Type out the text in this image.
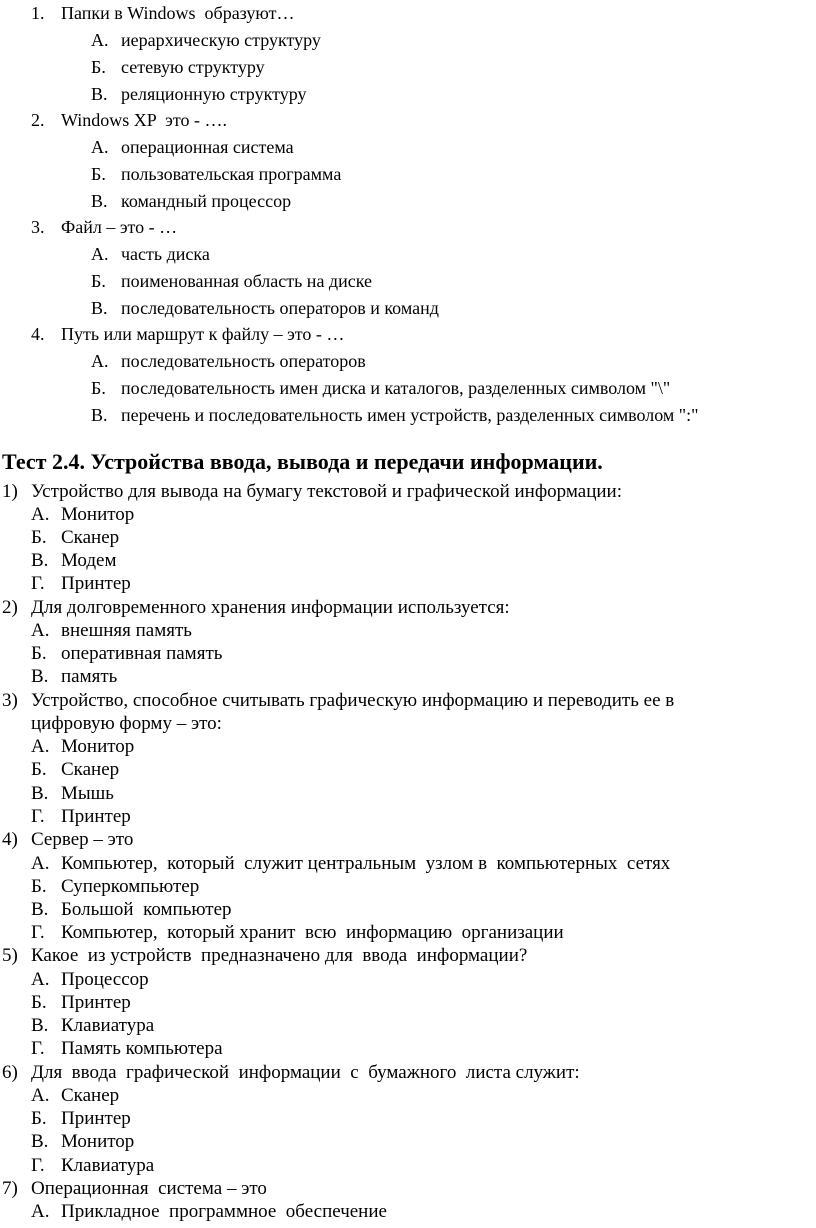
1. Папки в Windows  образуют…
А. иерархическую структуру
Б. сетевую структуру
В. реляционную структуру
2. Windows XP  это - ….
А. операционная система
Б. пользовательская программа
В. командный процессор
3. Файл – это - …
А. часть диска
Б. поименованная область на диске
В. последовательность операторов и команд
4. Путь или маршрут к файлу – это - …
А. последовательность операторов
Б. последовательность имен диска и каталогов, разделенных символом "\"
В. перечень и последовательность имен устройств, разделенных символом ":"
Тест 2.4. Устройства ввода, вывода и передачи информации.
1) Устройство для вывода на бумагу текстовой и графической информации:
А. Монитор
Б. Сканер
В. Модем
Г. Принтер
2) Для долговременного хранения информации используется:
А. внешняя память
Б. оперативная память
В. память
3) Устройство, способное считывать графическую информацию и переводить ее в
цифровую форму – это:
А. Монитор
Б. Сканер
В. Мышь
Г. Принтер
4) Сервер – это
А. Компьютер,  который  служит центральным  узлом в  компьютерных  сетях
Б. Суперкомпьютер
В. Большой  компьютер
Г. Компьютер,  который хранит  всю  информацию  организации
5) Какое  из устройств  предназначено для  ввода  информации?
А. Процессор
Б. Принтер
В. Клавиатура
Г. Память компьютера
6) Для  ввода  графической  информации  с  бумажного  листа служит:
А. Сканер
Б. Принтер
В. Монитор
Г. Клавиатура
7) Операционная  система – это
А. Прикладное  программное  обеспечение
